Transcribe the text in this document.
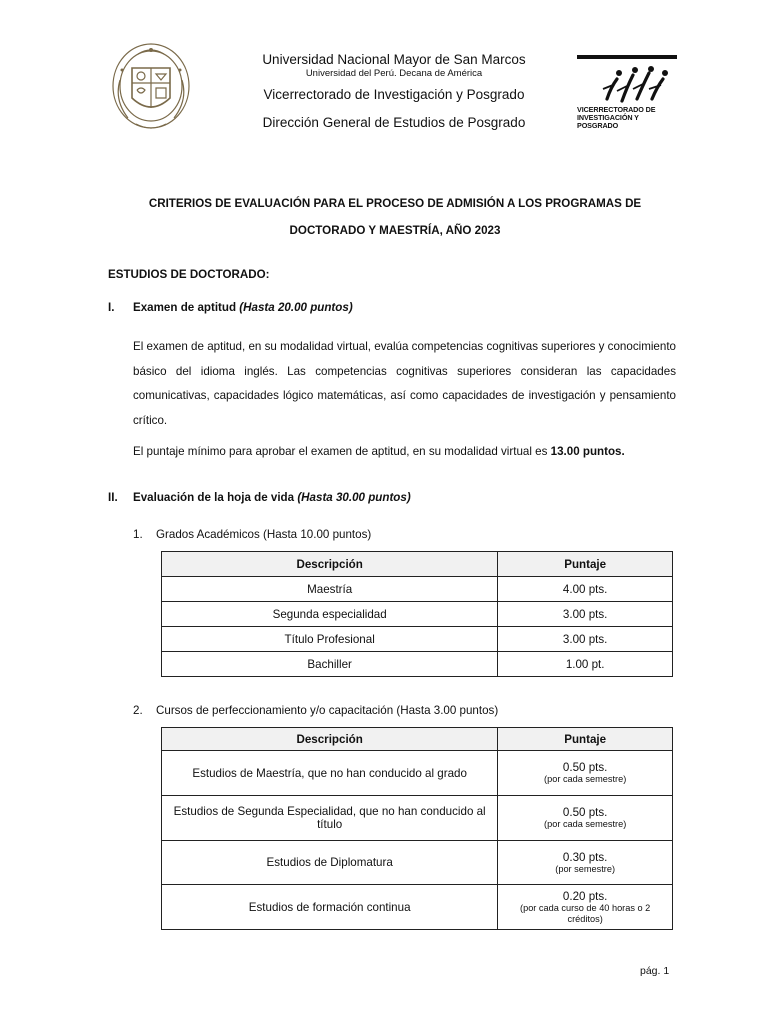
Universidad Nacional Mayor de San Marcos
Universidad del Perú. Decana de América
Vicerrectorado de Investigación y Posgrado
Dirección General de Estudios de Posgrado
VICERRECTORADO DE
INVESTIGACIÓN Y POSGRADO
CRITERIOS DE EVALUACIÓN PARA EL PROCESO DE ADMISIÓN A LOS PROGRAMAS DE
DOCTORADO Y MAESTRÍA, AÑO 2023
ESTUDIOS DE DOCTORADO:
I. Examen de aptitud (Hasta 20.00 puntos)
El examen de aptitud, en su modalidad virtual, evalúa competencias cognitivas superiores y conocimiento básico del idioma inglés. Las competencias cognitivas superiores consideran las capacidades comunicativas, capacidades lógico matemáticas, así como capacidades de investigación y pensamiento crítico.
El puntaje mínimo para aprobar el examen de aptitud, en su modalidad virtual es 13.00 puntos.
II. Evaluación de la hoja de vida (Hasta 30.00 puntos)
1. Grados Académicos (Hasta 10.00 puntos)
Descripción	Puntaje
Maestría	4.00 pts.
Segunda especialidad	3.00 pts.
Título Profesional	3.00 pts.
Bachiller	1.00 pt.
2. Cursos de perfeccionamiento y/o capacitación (Hasta 3.00 puntos)
Descripción	Puntaje
Estudios de Maestría, que no han conducido al grado	0.50 pts.
(por cada semestre)

Estudios de Segunda Especialidad, que no han conducido al título	0.50 pts.
(por cada semestre)

Estudios de Diplomatura	0.30 pts.
(por semestre)

Estudios de formación continua	0.20 pts.
(por cada curso de 40 horas o 2 créditos)
pág. 1
